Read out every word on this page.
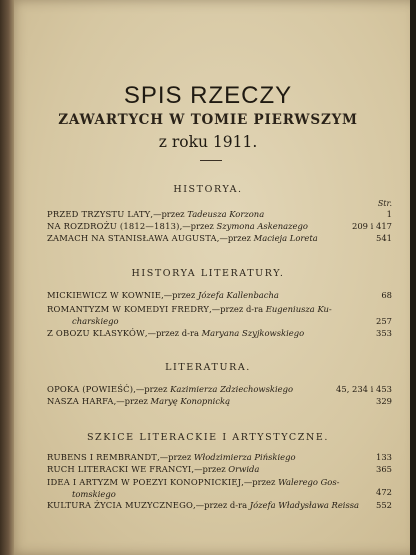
SPIS RZECZY
ZAWARTYCH W TOMIE PIERWSZYM
z roku 1911.
HISTORYA.
Str.
PRZED TRZYSTU LATY,—przez Tadeusza Korzona	1
NA ROZDROŻU (1812—1813),—przez Szymona Askenazego	209 i 417
ZAMACH NA STANISŁAWA AUGUSTA,—przez Macieja Loreta	541
HISTORYA LITERATURY.
MICKIEWICZ W KOWNIE,—przez Józefa Kallenbacha	68
ROMANTYZM W KOMEDYI FREDRY,—przez d-ra Eugeniusza Ku-
charskiego	257
Z OBOZU KLASYKÓW,—przez d-ra Maryana Szyjkowskiego	353
LITERATURA.
OPOKA (POWIEŚĆ),—przez Kazimierza Zdziechowskiego	45, 234 i 453
NASZA HARFA,—przez Maryę Konopnicką	329
SZKICE LITERACKIE I ARTYSTYCZNE.
RUBENS I REMBRANDT,—przez Włodzimierza Pińskiego	133
RUCH LITERACKI WE FRANCYI,—przez Orwida	365
IDEA I ARTYZM W POEZYI KONOPNICKIEJ,—przez Walerego Gos-
tomskiego	472
KULTURA ŻYCIA MUZYCZNEGO,—przez d-ra Józefa Władysława Reissa 552
